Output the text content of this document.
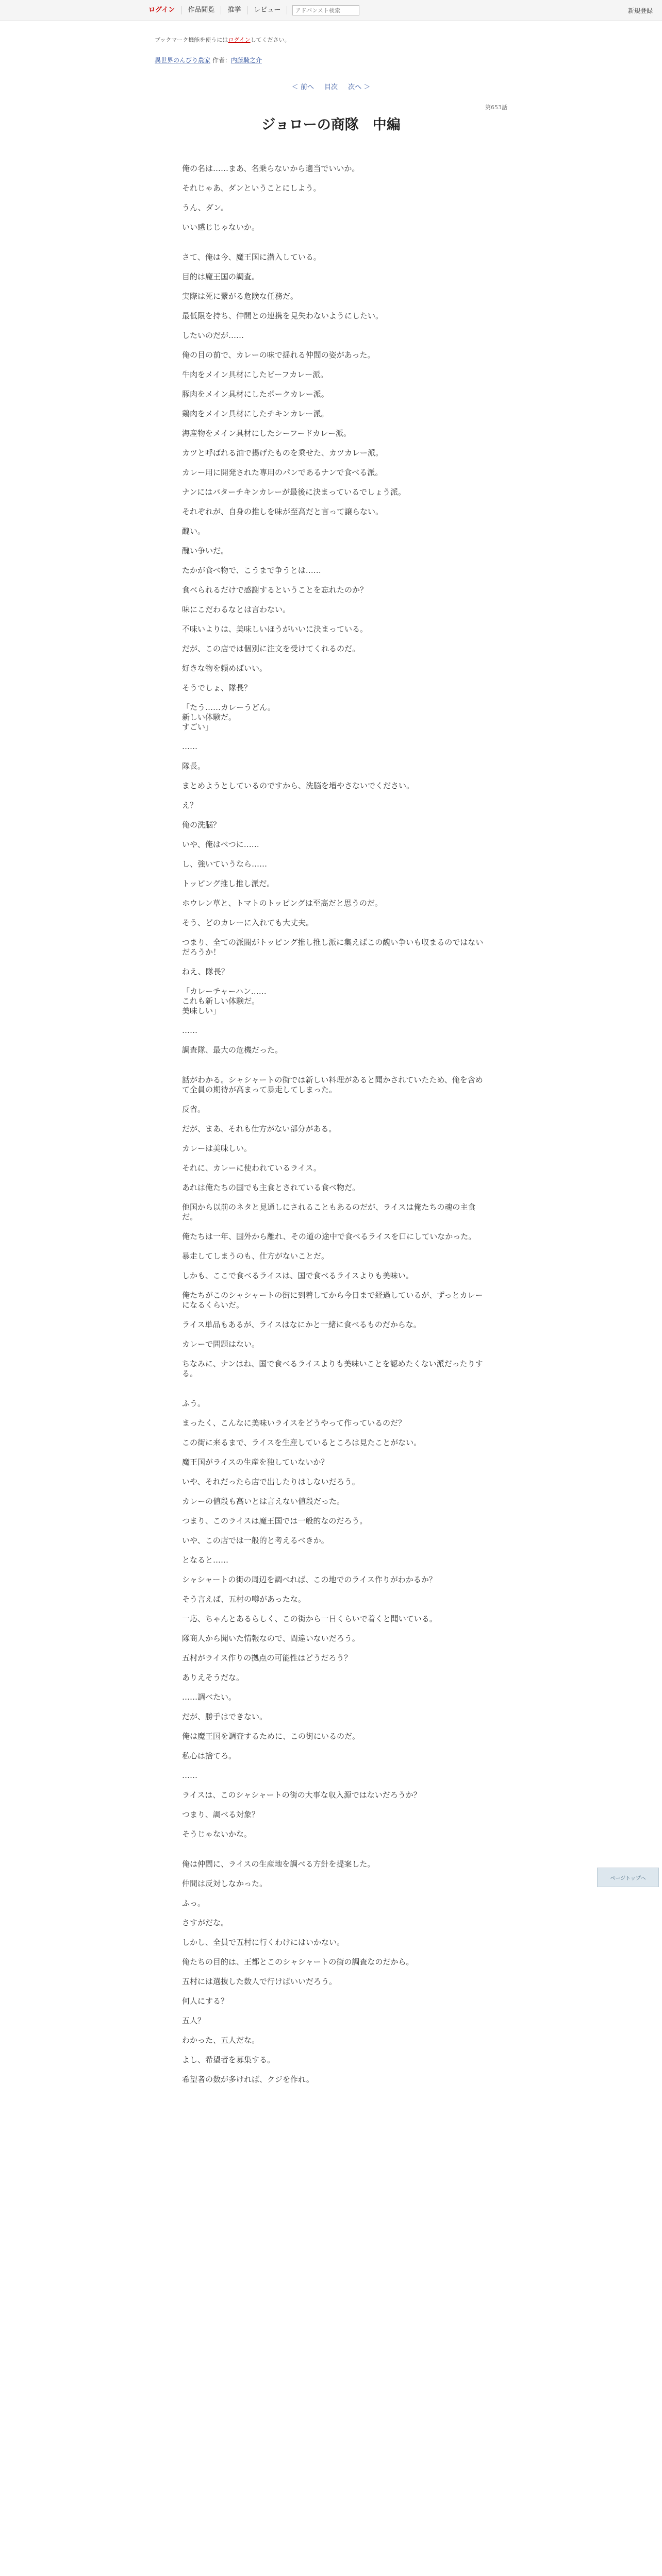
ログイン	作品閲覧	推挙	レビュー
アドバンスト検索	新規登録
ブックマーク機能を使うにはログインしてください。
異世界のんびり農家 作者：内藤騎之介
＜ 前へ 目次 次へ ＞
第653話
ジョローの商隊　中編

俺の名は……まあ、名乗らないから適当でいいか。

それじゃあ、ダンということにしよう。

うん、ダン。

いい感じじゃないか。

さて、俺は今、魔王国に潜入している。

目的は魔王国の調査。

実際は死に繋がる危険な任務だ。

最低限を持ち、仲間との連携を見失わないようにしたい。

したいのだが……

俺の目の前で、カレーの味で揺れる仲間の姿があった。

牛肉をメイン具材にしたビーフカレー派。

豚肉をメイン具材にしたポークカレー派。

鶏肉をメイン具材にしたチキンカレー派。

海産物をメイン具材にしたシーフードカレー派。

カツと呼ばれる油で揚げたものを乗せた、カツカレー派。

カレー用に開発された専用のパンであるナンで食べる派。

ナンにはバターチキンカレーが最後に決まっているでしょう派。

それぞれが、自身の推しを味が至高だと言って譲らない。

醜い。

醜い争いだ。

たかが食べ物で、こうまで争うとは……

食べられるだけで感謝するということを忘れたのか？

味にこだわるなとは言わない。

不味いよりは、美味しいほうがいいに決まっている。

だが、この店では個別に注文を受けてくれるのだ。

好きな物を頼めばいい。

そうでしょ、隊長？

「たう……カレーうどん。

新しい体験だ。

すごい」

……

隊長。

まとめようとしているのですから、洗脳を増やさないでください。

え？

俺の洗脳？

いや、俺はベつに……

し、強いていうなら……

トッピング推し推し派だ。

ホウレン草と、トマトのトッピングは至高だと思うのだ。

そう、どのカレーに入れても大丈夫。

つまり、全ての派閥がトッピング推し推し派に集えばこの醜い争いも収まるのではないだろうか！

ねえ、隊長？

「カレーチャーハン……

これも新しい体験だ。

美味しい」

……

調査隊、最大の危機だった。

話がわかる。シャシャートの街では新しい料理があると聞かされていたため、俺を含めて全員の期待が高まって暴走してしまった。

反省。

だが、まあ、それも仕方がない部分がある。

カレーは美味しい。

それに、カレーに使われているライス。

あれは俺たちの国でも主食とされている食べ物だ。

他国から以前のネタと見通しにされることもあるのだが、ライスは俺たちの魂の主食だ。

俺たちは一年、国外から離れ、その道の途中で食べるライスを口にしていなかった。

暴走してしまうのも、仕方がないことだ。

しかも、ここで食べるライスは、国で食べるライスよりも美味い。

俺たちがこのシャシャートの街に到着してから今日まで経過しているが、ずっとカレーになるくらいだ。

ライス単品もあるが、ライスはなにかと一緒に食べるものだからな。

カレーで問題はない。

ちなみに、ナンはね、国で食べるライスよりも美味いことを認めたくない派だったりする。

ふう。

まったく、こんなに美味いライスをどうやって作っているのだ？

この街に来るまで、ライスを生産しているところは見たことがない。

魔王国がライスの生産を独していないか？

いや、それだったら店で出したりはしないだろう。

カレーの値段も高いとは言えない値段だった。

つまり、このライスは魔王国では一般的なのだろう。

いや、この店では一般的と考えるべきか。

となると……

シャシャートの街の周辺を調べれば、この地でのライス作りがわかるか？

そう言えば、五村の噂があったな。

一応、ちゃんとあるらしく、この街から一日くらいで着くと聞いている。

隊商人から聞いた情報なので、間違いないだろう。

五村がライス作りの拠点の可能性はどうだろう？

ありえそうだな。

……調べたい。

だが、勝手はできない。

俺は魔王国を調査するために、この街にいるのだ。

私心は捨てろ。

……

ライスは、このシャシャートの街の大事な収入源ではないだろうか？

つまり、調べる対象？

そうじゃないかな。

俺は仲間に、ライスの生産地を調べる方針を提案した。

仲間は反対しなかった。

ふっ。

さすがだな。

しかし、全員で五村に行くわけにはいかない。

俺たちの目的は、王都とこのシャシャートの街の調査なのだから。

五村には選抜した数人で行けばいいだろう。

何人にする？

五人？

わかった、五人だな。

よし、希望者を募集する。

希望者の数が多ければ、クジを作れ。

ページトップへ
